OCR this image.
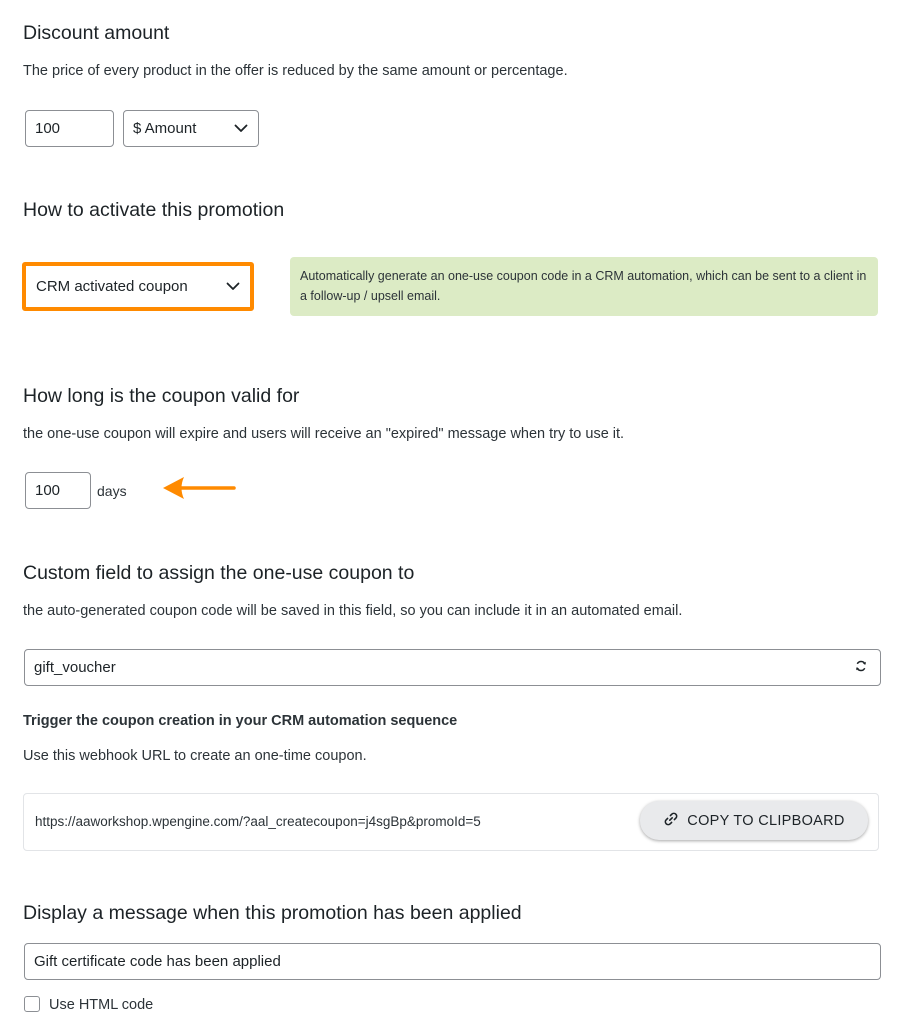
Discount amount
The price of every product in the offer is reduced by the same amount or percentage.
100	$ Amount
How to activate this promotion
CRM activated coupon
Automatically generate an one-use coupon code in a CRM automation, which can be sent to a client in a follow-up / upsell email.
How long is the coupon valid for
the one-use coupon will expire and users will receive an "expired" message when try to use it.
100	days
Custom field to assign the one-use coupon to
the auto-generated coupon code will be saved in this field, so you can include it in an automated email.
gift_voucher
Trigger the coupon creation in your CRM automation sequence
Use this webhook URL to create an one-time coupon.
https://aaworkshop.wpengine.com/?aal_createcoupon=j4sgBp&promoId=5	COPY TO CLIPBOARD
Display a message when this promotion has been applied
Gift certificate code has been applied
Use HTML code
